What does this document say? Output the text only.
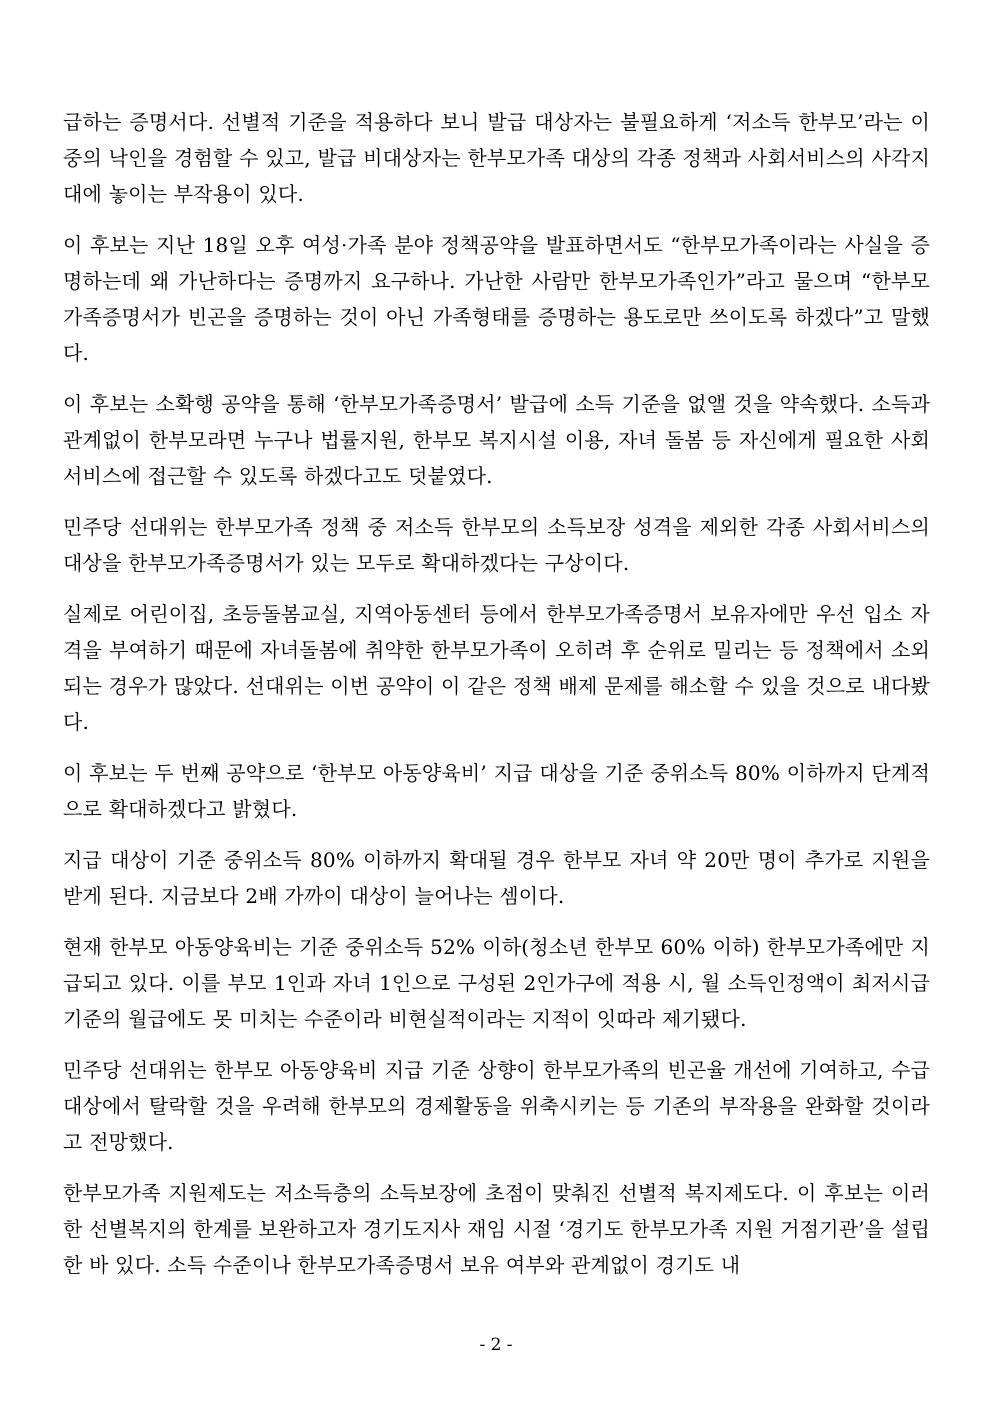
급하는 증명서다. 선별적 기준을 적용하다 보니 발급 대상자는 불필요하게 ‘저소득 한부모’라는 이중의 낙인을 경험할 수 있고, 발급 비대상자는 한부모가족 대상의 각종 정책과 사회서비스의 사각지대에 놓이는 부작용이 있다.

이 후보는 지난 18일 오후 여성·가족 분야 정책공약을 발표하면서도 “한부모가족이라는 사실을 증명하는데 왜 가난하다는 증명까지 요구하나. 가난한 사람만 한부모가족인가”라고 물으며 “한부모가족증명서가 빈곤을 증명하는 것이 아닌 가족형태를 증명하는 용도로만 쓰이도록 하겠다”고 말했다.

이 후보는 소확행 공약을 통해 ‘한부모가족증명서’ 발급에 소득 기준을 없앨 것을 약속했다. 소득과 관계없이 한부모라면 누구나 법률지원, 한부모 복지시설 이용, 자녀 돌봄 등 자신에게 필요한 사회서비스에 접근할 수 있도록 하겠다고도 덧붙였다.

민주당 선대위는 한부모가족 정책 중 저소득 한부모의 소득보장 성격을 제외한 각종 사회서비스의 대상을 한부모가족증명서가 있는 모두로 확대하겠다는 구상이다.

실제로 어린이집, 초등돌봄교실, 지역아동센터 등에서 한부모가족증명서 보유자에만 우선 입소 자격을 부여하기 때문에 자녀돌봄에 취약한 한부모가족이 오히려 후 순위로 밀리는 등 정책에서 소외되는 경우가 많았다. 선대위는 이번 공약이 이 같은 정책 배제 문제를 해소할 수 있을 것으로 내다봤다.

이 후보는 두 번째 공약으로 ‘한부모 아동양육비’ 지급 대상을 기준 중위소득 80% 이하까지 단계적으로 확대하겠다고 밝혔다.

지급 대상이 기준 중위소득 80% 이하까지 확대될 경우 한부모 자녀 약 20만 명이 추가로 지원을 받게 된다. 지금보다 2배 가까이 대상이 늘어나는 셈이다.

현재 한부모 아동양육비는 기준 중위소득 52% 이하(청소년 한부모 60% 이하) 한부모가족에만 지급되고 있다. 이를 부모 1인과 자녀 1인으로 구성된 2인가구에 적용 시, 월 소득인정액이 최저시급 기준의 월급에도 못 미치는 수준이라 비현실적이라는 지적이 잇따라 제기됐다.

민주당 선대위는 한부모 아동양육비 지급 기준 상향이 한부모가족의 빈곤율 개선에 기여하고, 수급 대상에서 탈락할 것을 우려해 한부모의 경제활동을 위축시키는 등 기존의 부작용을 완화할 것이라고 전망했다.

한부모가족 지원제도는 저소득층의 소득보장에 초점이 맞춰진 선별적 복지제도다. 이 후보는 이러한 선별복지의 한계를 보완하고자 경기도지사 재임 시절 ‘경기도 한부모가족 지원 거점기관’을 설립한 바 있다. 소득 수준이나 한부모가족증명서 보유 여부와 관계없이 경기도 내

- 2 -
